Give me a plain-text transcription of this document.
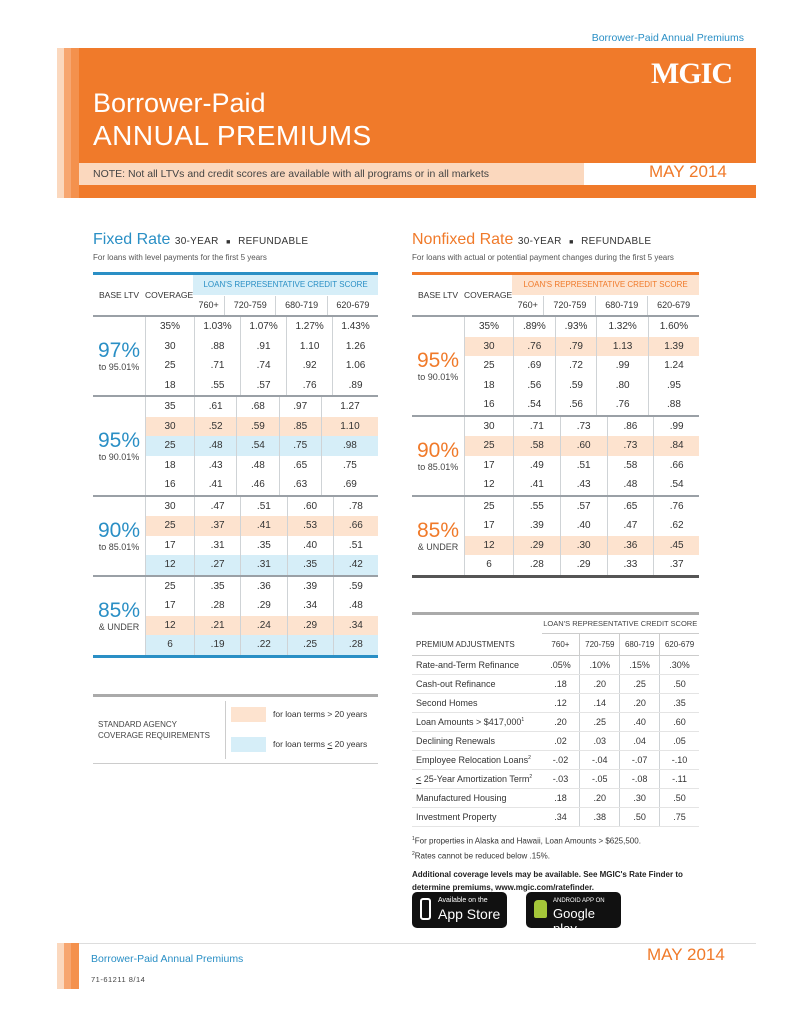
Borrower-Paid Annual Premiums
MGIC
Borrower-Paid
ANNUAL PREMIUMS
NOTE: Not all LTVs and credit scores are available with all programs or in all markets	MAY 2014
Fixed Rate 30-YEAR ■ REFUNDABLE
For loans with level payments for the first 5 years
BASE LTV	COVERAGE	LOAN'S REPRESENTATIVE CREDIT SCORE			
		760+	720-759	680-719	620-679
97%
to 95.01%	35%	1.03%	1.07%	1.27%	1.43%
	30	.88	.91	1.10	1.26
	25	.71	.74	.92	1.06
	18	.55	.57	.76	.89
95%
to 90.01%	35	.61	.68	.97	1.27
	30	.52	.59	.85	1.10
	25	.48	.54	.75	.98
	18	.43	.48	.65	.75
	16	.41	.46	.63	.69
90%
to 85.01%	30	.47	.51	.60	.78
	25	.37	.41	.53	.66
	17	.31	.35	.40	.51
	12	.27	.31	.35	.42
85%
& UNDER	25	.35	.36	.39	.59
	17	.28	.29	.34	.48
	12	.21	.24	.29	.34
	6	.19	.22	.25	.28
Nonfixed Rate 30-YEAR ■ REFUNDABLE
For loans with actual or potential payment changes during the first 5 years
BASE LTV	COVERAGE	LOAN'S REPRESENTATIVE CREDIT SCORE			
		760+	720-759	680-719	620-679
95%
to 90.01%	35%	.89%	.93%	1.32%	1.60%
	30	.76	.79	1.13	1.39
	25	.69	.72	.99	1.24
	18	.56	.59	.80	.95
	16	.54	.56	.76	.88
90%
to 85.01%	30	.71	.73	.86	.99
	25	.58	.60	.73	.84
	17	.49	.51	.58	.66
	12	.41	.43	.48	.54
85%
& UNDER	25	.55	.57	.65	.76
	17	.39	.40	.47	.62
	12	.29	.30	.36	.45
	6	.28	.29	.33	.37
STANDARD AGENCY
COVERAGE REQUIREMENTS
for loan terms > 20 years
for loan terms < 20 years
	LOAN'S REPRESENTATIVE CREDIT SCORE			
PREMIUM ADJUSTMENTS	760+	720-759	680-719	620-679
Rate-and-Term Refinance	.05%	.10%	.15%	.30%
Cash-out Refinance	.18	.20	.25	.50
Second Homes	.12	.14	.20	.35
Loan Amounts > $\$417,000^1$	.20	.25	.40	.60
Declining Renewals	.02	.03	.04	.05
Employee Relocation Loans$^2$	-.02	-.04	-.07	-.10
< 25-Year Amortization Term$^2$	-.03	-.05	-.08	-.11
Manufactured Housing	.18	.20	.30	.50
Investment Property	.34	.38	.50	.75
$^1$For properties in Alaska and Hawaii, Loan Amounts > $625,500.
$^2$Rates cannot be reduced below .15%.
Additional coverage levels may be available. See MGIC's Rate Finder to determine premiums, www.mgic.com/ratefinder.
Available on the
App Store
ANDROID APP ON
Google play
Borrower-Paid Annual Premiums	MAY 2014
71-61211 8/14
